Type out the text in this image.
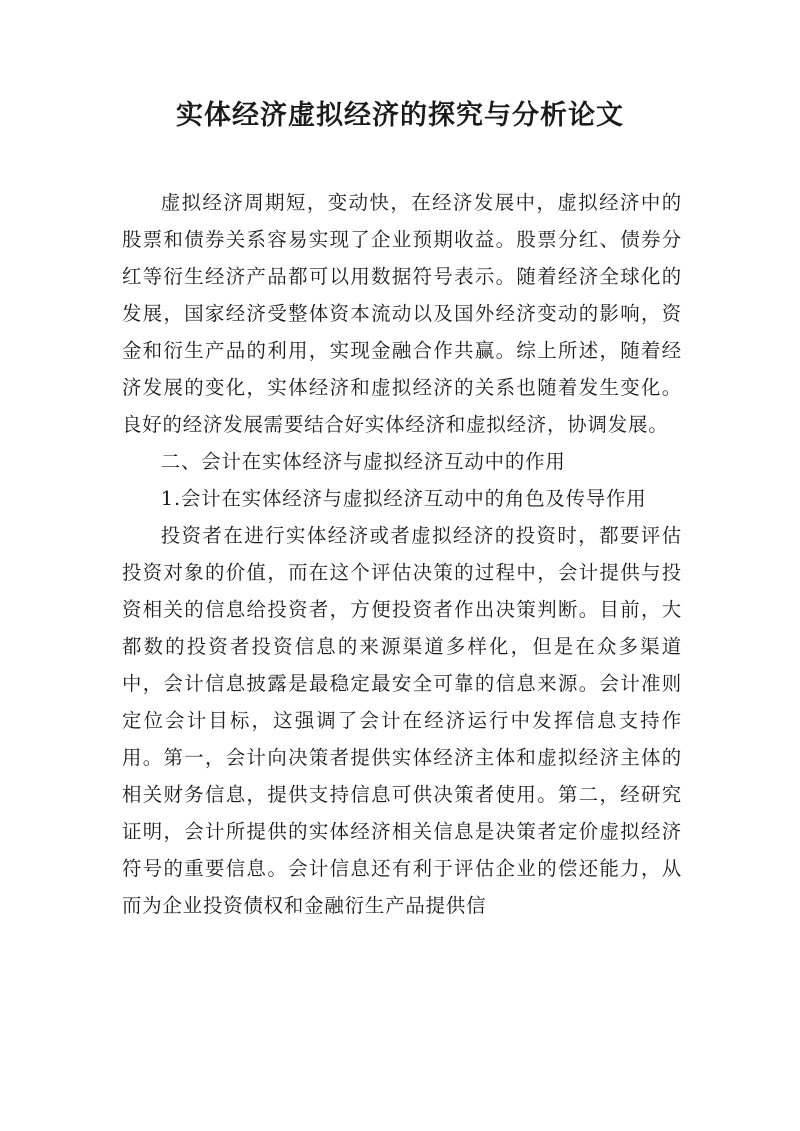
实体经济虚拟经济的探究与分析论文

虚拟经济周期短，变动快，在经济发展中，虚拟经济中的股票和债券关系容易实现了企业预期收益。股票分红、债券分红等衍生经济产品都可以用数据符号表示。随着经济全球化的发展，国家经济受整体资本流动以及国外经济变动的影响，资金和衍生产品的利用，实现金融合作共赢。综上所述，随着经济发展的变化，实体经济和虚拟经济的关系也随着发生变化。良好的经济发展需要结合好实体经济和虚拟经济，协调发展。

二、会计在实体经济与虚拟经济互动中的作用

1.会计在实体经济与虚拟经济互动中的角色及传导作用

投资者在进行实体经济或者虚拟经济的投资时，都要评估投资对象的价值，而在这个评估决策的过程中，会计提供与投资相关的信息给投资者，方便投资者作出决策判断。目前，大都数的投资者投资信息的来源渠道多样化，但是在众多渠道中，会计信息披露是最稳定最安全可靠的信息来源。会计准则定位会计目标，这强调了会计在经济运行中发挥信息支持作用。第一，会计向决策者提供实体经济主体和虚拟经济主体的相关财务信息，提供支持信息可供决策者使用。第二，经研究证明，会计所提供的实体经济相关信息是决策者定价虚拟经济符号的重要信息。会计信息还有利于评估企业的偿还能力，从而为企业投资债权和金融衍生产品提供信
